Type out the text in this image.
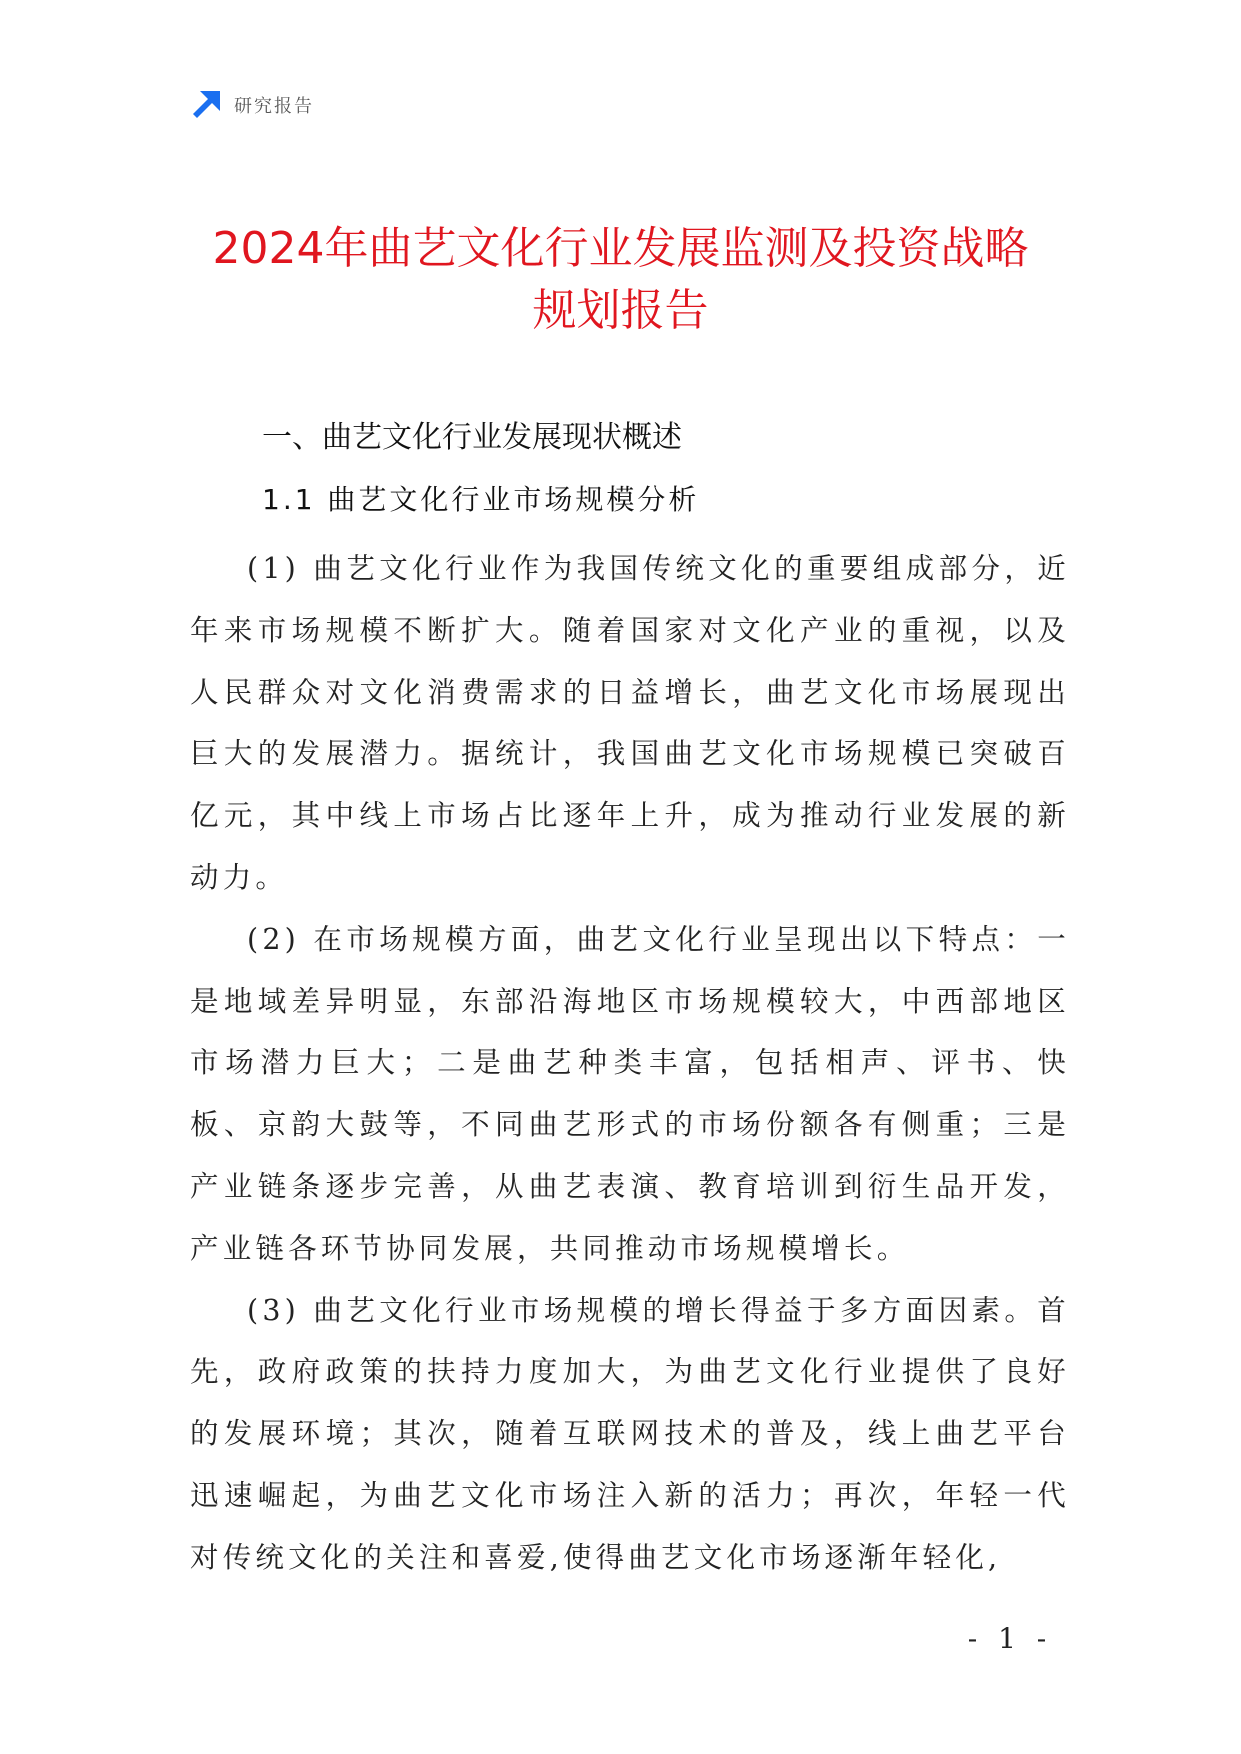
研究报告
2024年曲艺文化行业发展监测及投资战略
规划报告
一、曲艺文化行业发展现状概述
1.1 曲艺文化行业市场规模分析

(1) 曲艺文化行业作为我国传统文化的重要组成部分，近年来市场规模不断扩大。随着国家对文化产业的重视，以及人民群众对文化消费需求的日益增长，曲艺文化市场展现出巨大的发展潜力。据统计，我国曲艺文化市场规模已突破百亿元，其中线上市场占比逐年上升，成为推动行业发展的新动力。

(2) 在市场规模方面，曲艺文化行业呈现出以下特点：一是地域差异明显，东部沿海地区市场规模较大，中西部地区市场潜力巨大；二是曲艺种类丰富，包括相声、评书、快板、京韵大鼓等，不同曲艺形式的市场份额各有侧重；三是产业链条逐步完善，从曲艺表演、教育培训到衍生品开发，产业链各环节协同发展，共同推动市场规模增长。

(3) 曲艺文化行业市场规模的增长得益于多方面因素。首先，政府政策的扶持力度加大，为曲艺文化行业提供了良好的发展环境；其次，随着互联网技术的普及，线上曲艺平台迅速崛起，为曲艺文化市场注入新的活力；再次，年轻一代对传统文化的关注和喜爱,使得曲艺文化市场逐渐年轻化,

- 1 -
